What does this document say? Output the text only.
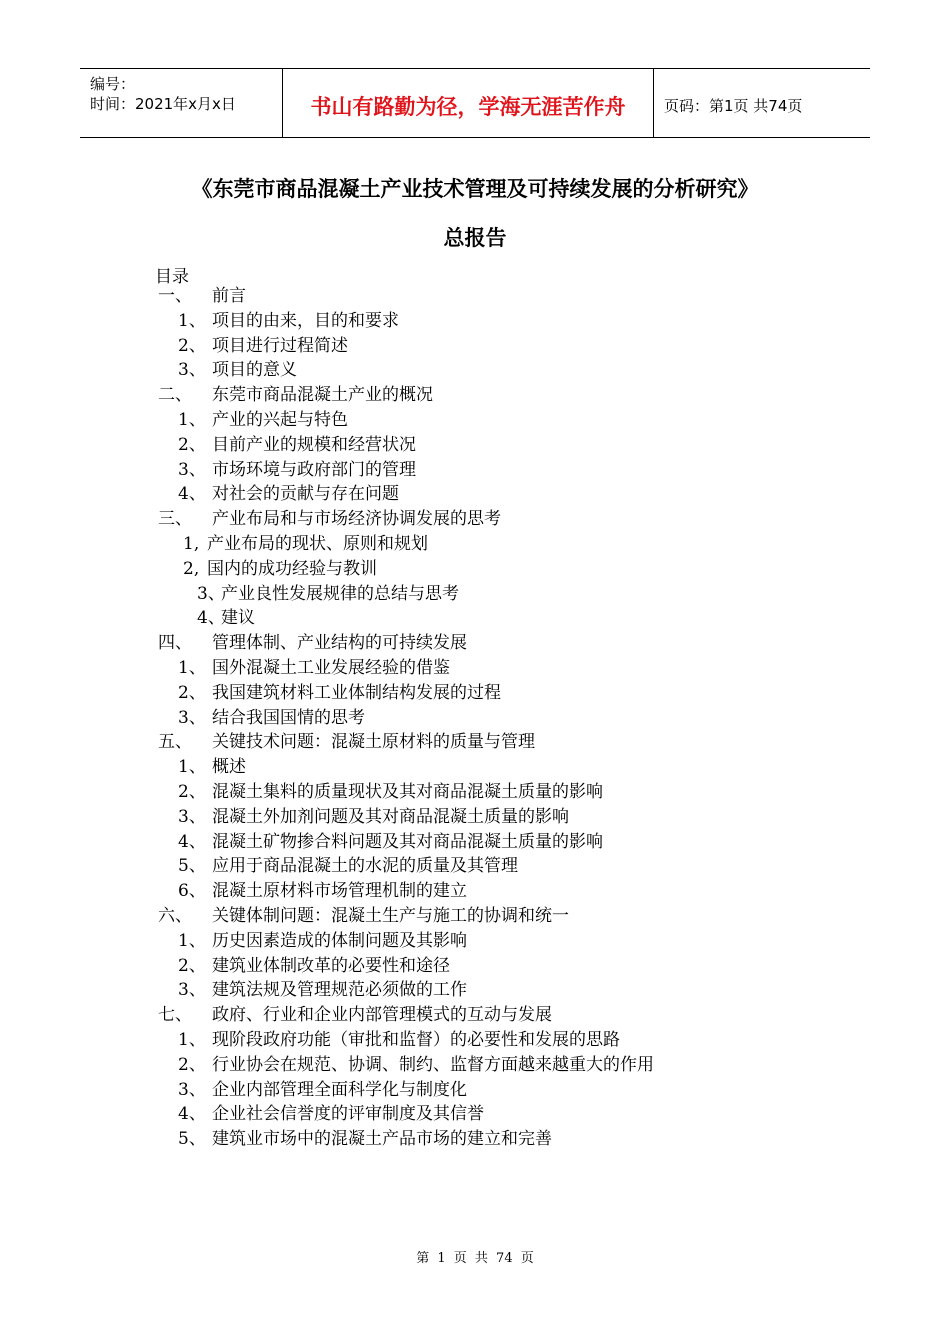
编号：
时间：2021年x月x日	书山有路勤为径，学海无涯苦作舟	页码：第1页 共74页
《东莞市商品混凝土产业技术管理及可持续发展的分析研究》
总报告
目录
一、 前言
1、 项目的由来，目的和要求
2、 项目进行过程简述
3、 项目的意义
二、 东莞市商品混凝土产业的概况
1、 产业的兴起与特色
2、 目前产业的规模和经营状况
3、 市场环境与政府部门的管理
4、 对社会的贡献与存在问题
三、 产业布局和与市场经济协调发展的思考
1, 产业布局的现状、原则和规划
2, 国内的成功经验与教训
3、
产业良性发展规律的总结与思考
4、
建议
四、 管理体制、产业结构的可持续发展
1、 国外混凝土工业发展经验的借鉴
2、 我国建筑材料工业体制结构发展的过程
3、 结合我国国情的思考
五、 关键技术问题：混凝土原材料的质量与管理
1、 概述
2、 混凝土集料的质量现状及其对商品混凝土质量的影响
3、 混凝土外加剂问题及其对商品混凝土质量的影响
4、 混凝土矿物掺合料问题及其对商品混凝土质量的影响
5、 应用于商品混凝土的水泥的质量及其管理
6、 混凝土原材料市场管理机制的建立
六、 关键体制问题：混凝土生产与施工的协调和统一
1、 历史因素造成的体制问题及其影响
2、 建筑业体制改革的必要性和途径
3、 建筑法规及管理规范必须做的工作
七、 政府、行业和企业内部管理模式的互动与发展
1、 现阶段政府功能（审批和监督）的必要性和发展的思路
2、 行业协会在规范、协调、制约、监督方面越来越重大的作用
3、 企业内部管理全面科学化与制度化
4、 企业社会信誉度的评审制度及其信誉
5、 建筑业市场中的混凝土产品市场的建立和完善
第 1 页 共 74 页
